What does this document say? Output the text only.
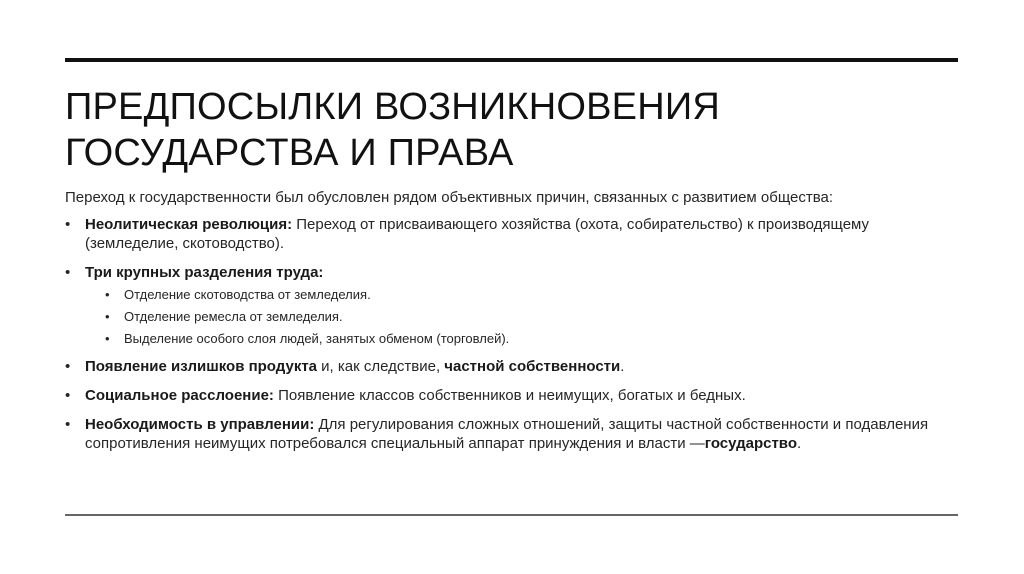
ПРЕДПОСЫЛКИ ВОЗНИКНОВЕНИЯ
ГОСУДАРСТВА И ПРАВА

Переход к государственности был обусловлен рядом объективных причин, связанных с развитием общества:

• Неолитическая революция: Переход от присваивающего хозяйства (охота, собирательство) к производящему (земледелие, скотоводство).
• Три крупных разделения труда:
• Отделение скотоводства от земледелия.
• Отделение ремесла от земледелия.
• Выделение особого слоя людей, занятых обменом (торговлей).
• Появление излишков продукта и, как следствие, частной собственности.
• Социальное расслоение: Появление классов собственников и неимущих, богатых и бедных.
• Необходимость в управлении: Для регулирования сложных отношений, защиты частной собственности и подавления сопротивления неимущих потребовался специальный аппарат принуждения и власти —государство.
